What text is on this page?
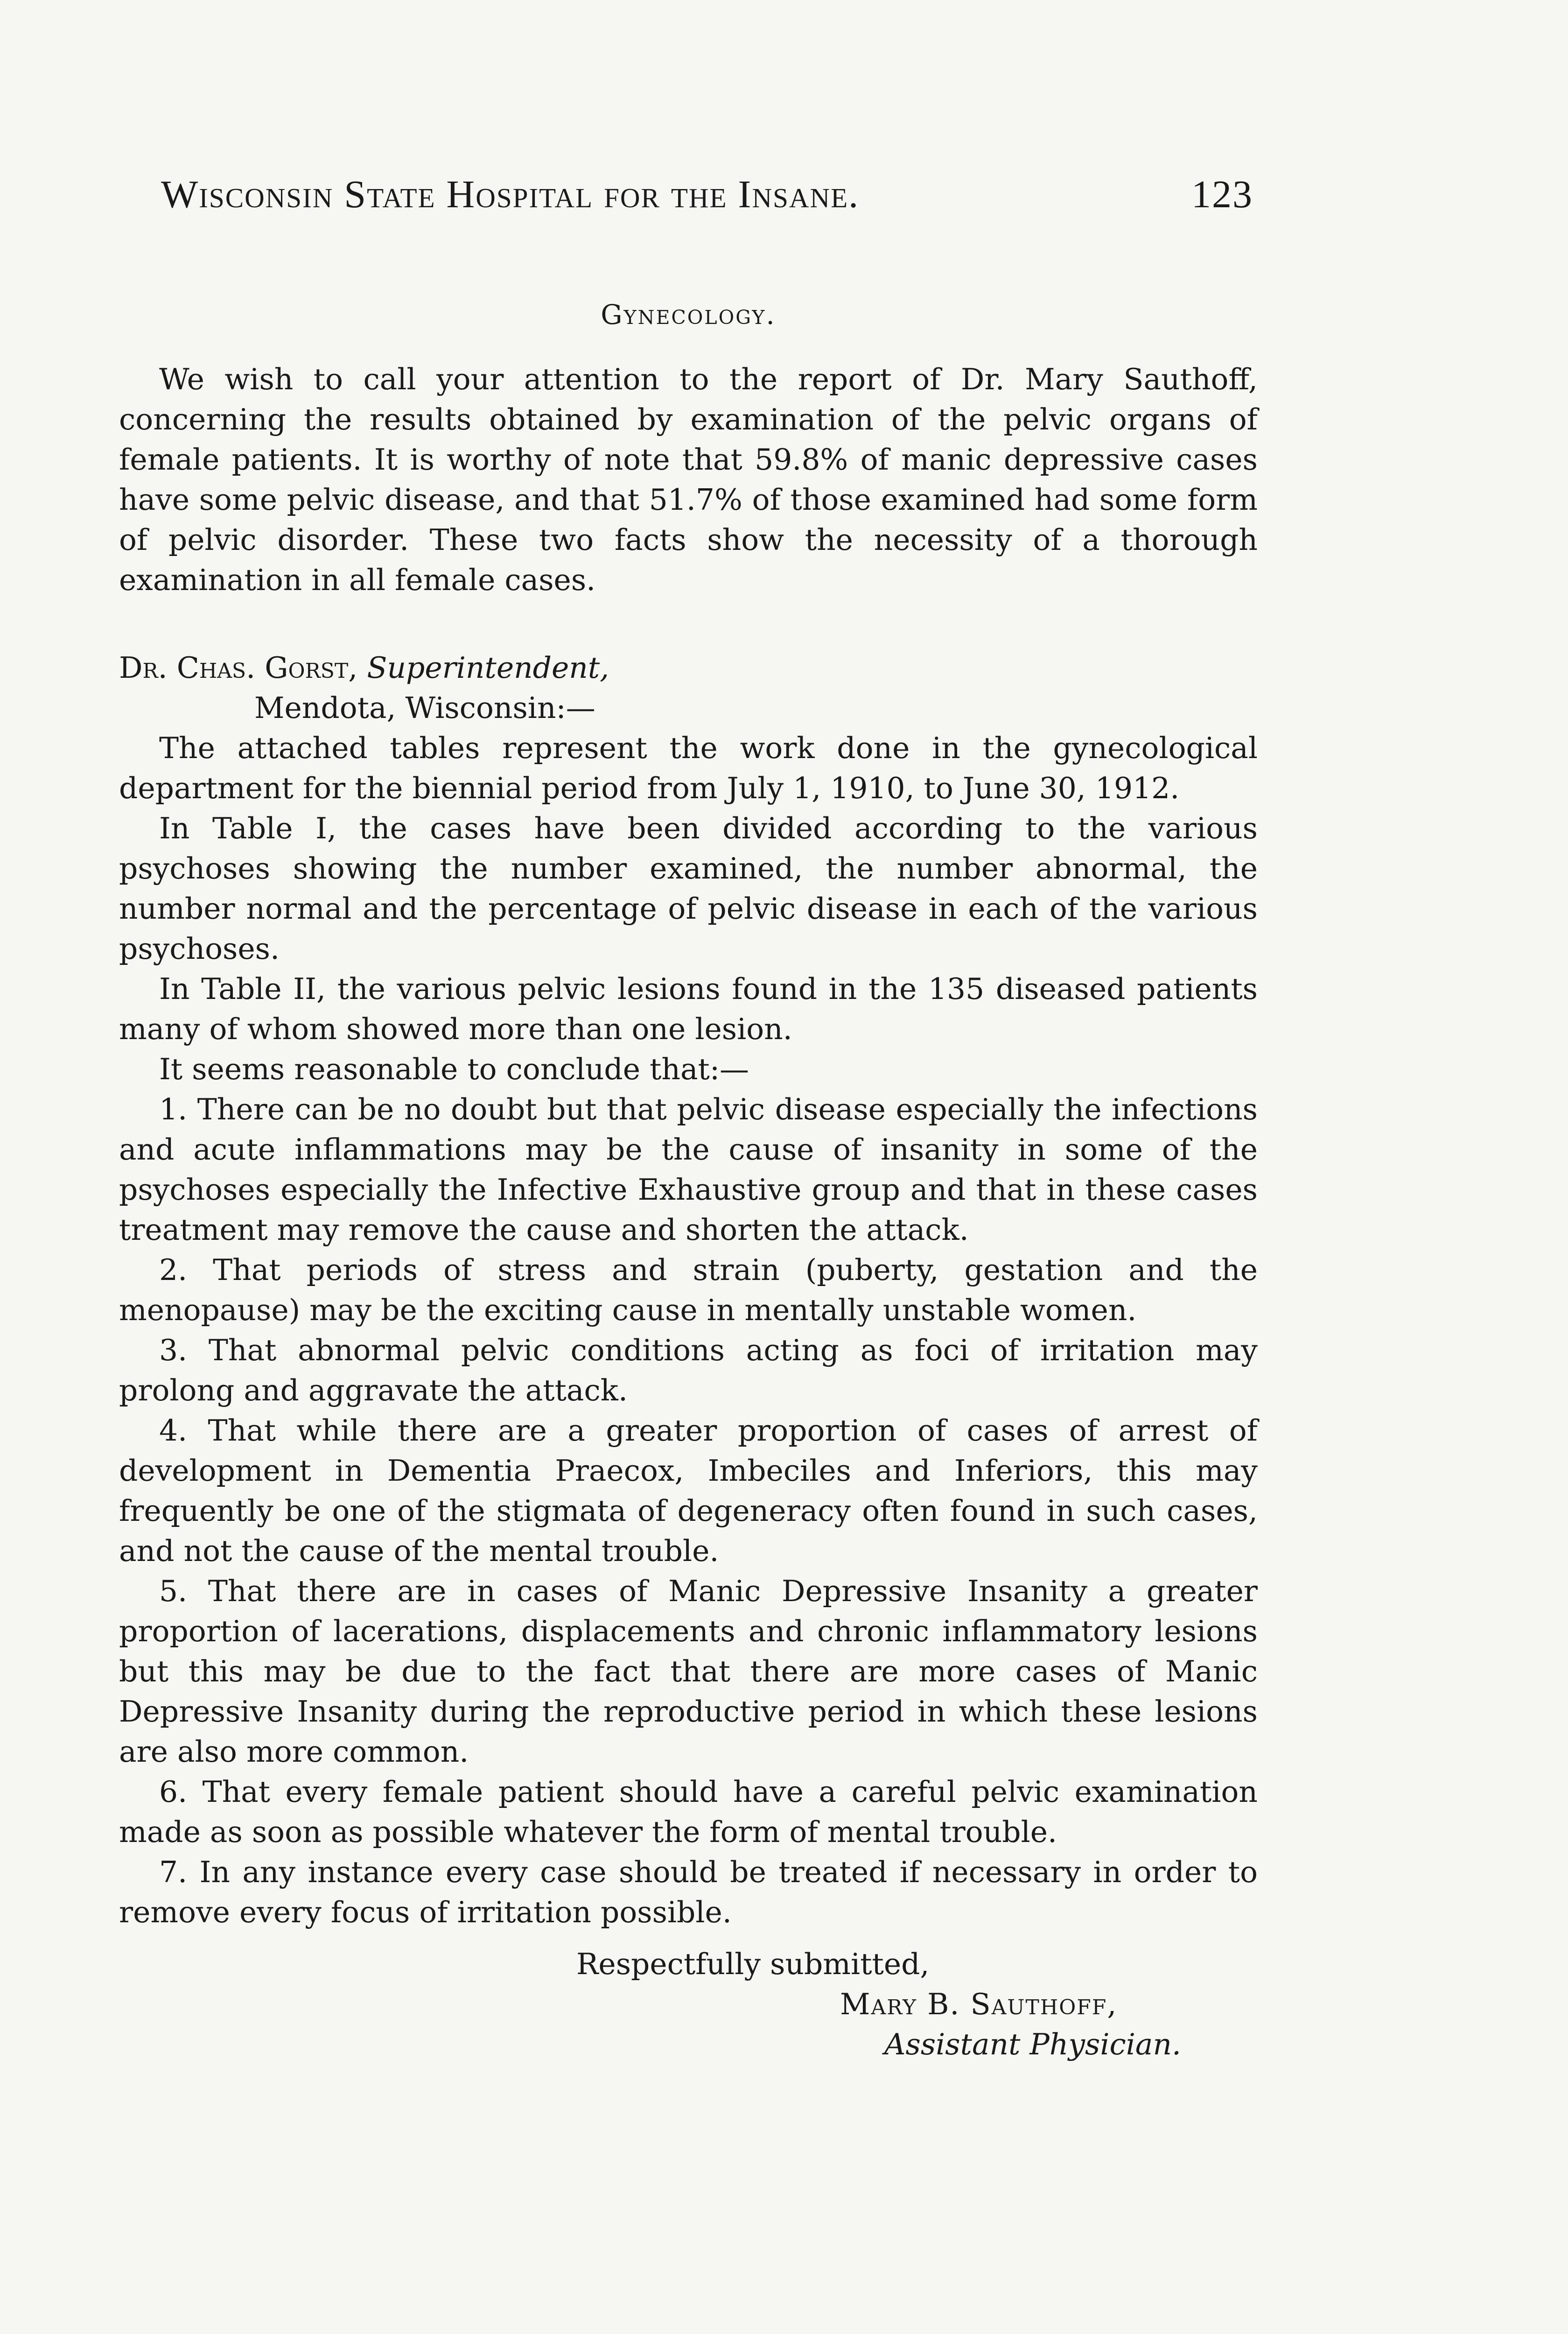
Wisconsin State Hospital for the Insane.	123
Gynecology.

We wish to call your attention to the report of Dr. Mary Sauthoff, concerning the results obtained by examination of the pelvic organs of female patients. It is worthy of note that 59.8% of manic depressive cases have some pelvic disease, and that 51.7% of those examined had some form of pelvic disorder. These two facts show the necessity of a thorough examination in all female cases.

Dr. Chas. Gorst, Superintendent,
Mendota, Wisconsin:—

The attached tables represent the work done in the gynecological department for the biennial period from July 1, 1910, to June 30, 1912.

In Table I, the cases have been divided according to the various psychoses showing the number examined, the number abnormal, the number normal and the percentage of pelvic disease in each of the various psychoses.

In Table II, the various pelvic lesions found in the 135 diseased patients many of whom showed more than one lesion.

It seems reasonable to conclude that:—

1. There can be no doubt but that pelvic disease especially the infections and acute inflammations may be the cause of insanity in some of the psychoses especially the Infective Exhaustive group and that in these cases treatment may remove the cause and shorten the attack.

2. That periods of stress and strain (puberty, gestation and the menopause) may be the exciting cause in mentally unstable women.

3. That abnormal pelvic conditions acting as foci of irritation may prolong and aggravate the attack.

4. That while there are a greater proportion of cases of arrest of development in Dementia Praecox, Imbeciles and Inferiors, this may frequently be one of the stigmata of degeneracy often found in such cases, and not the cause of the mental trouble.

5. That there are in cases of Manic Depressive Insanity a greater proportion of lacerations, displacements and chronic inflammatory lesions but this may be due to the fact that there are more cases of Manic Depressive Insanity during the reproductive period in which these lesions are also more common.

6. That every female patient should have a careful pelvic examination made as soon as possible whatever the form of mental trouble.

7. In any instance every case should be treated if necessary in order to remove every focus of irritation possible.

Respectfully submitted,
Mary B. Sauthoff,
Assistant Physician.
